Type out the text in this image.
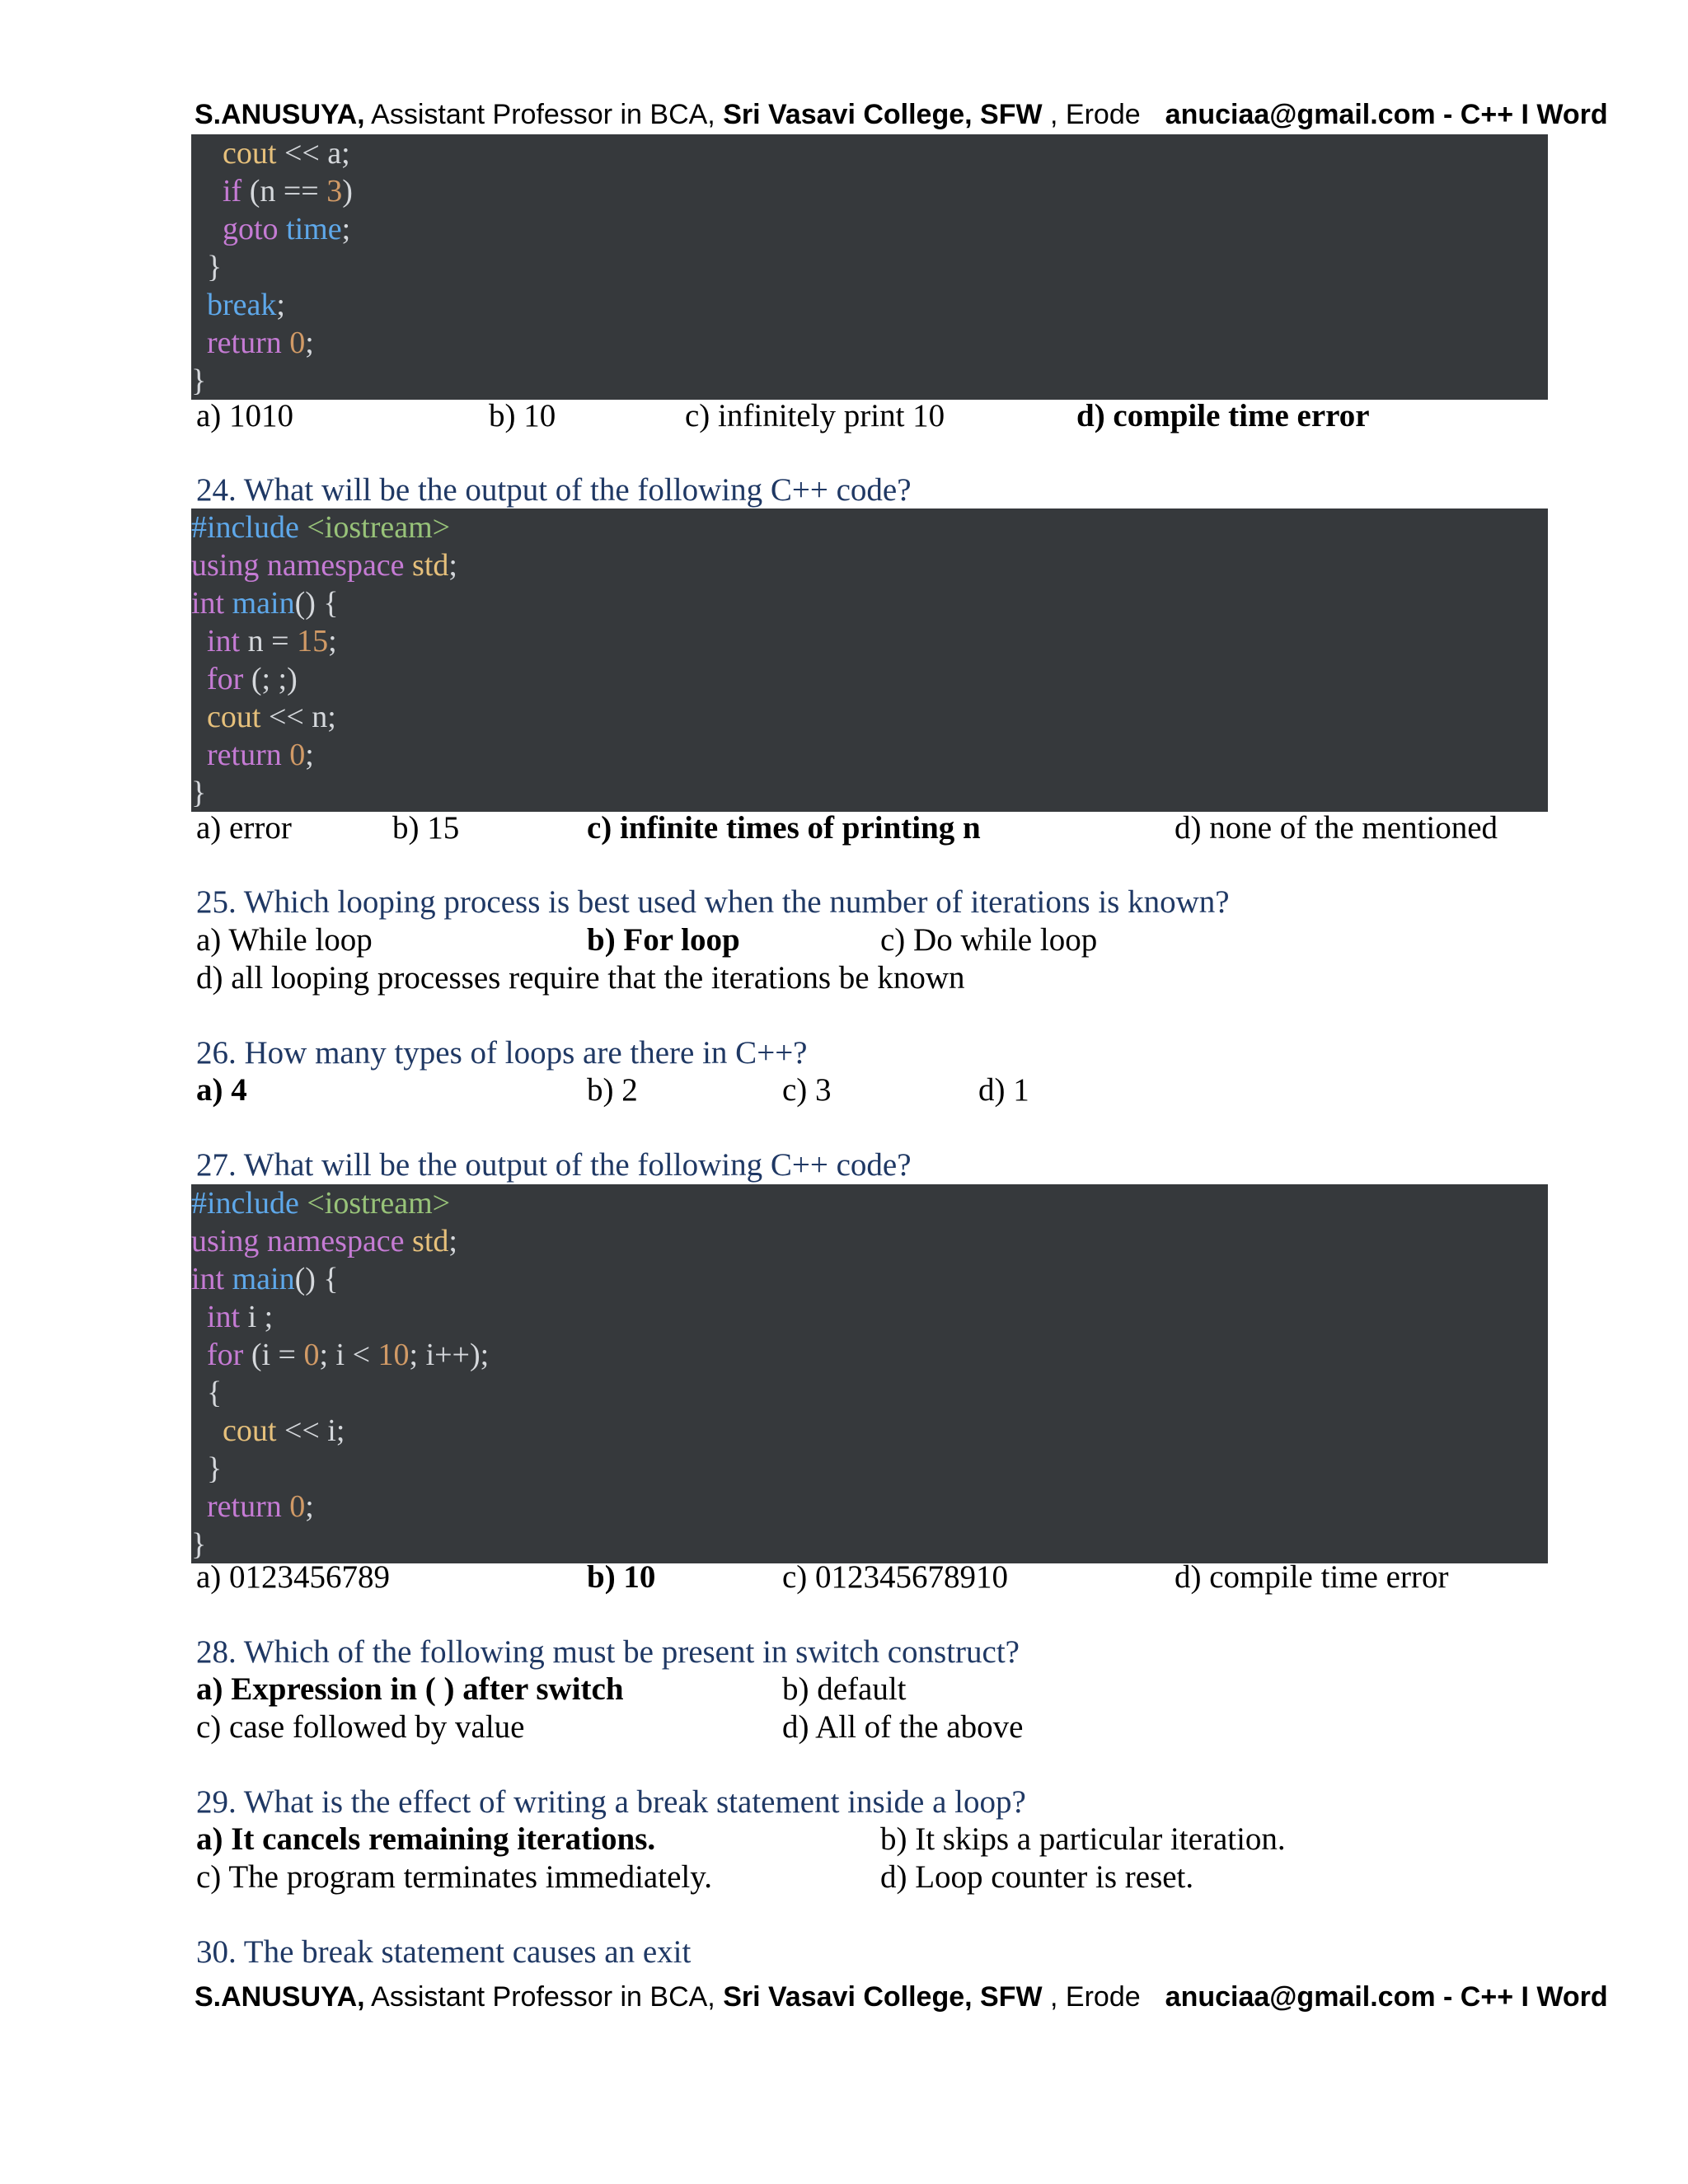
S.ANUSUYA, Assistant Professor in BCA, Sri Vasavi College, SFW , Erode anuciaa@gmail.com - C++ I Word
cout << a;
if (n == 3)
goto time;
}
break;
return 0;
}
a) 1010	b) 10	c) infinitely print 10	d) compile time error
24. What will be the output of the following C++ code?
#include <iostream>
using namespace std;
int main() {
int n = 15;
for (; ;)
cout << n;
return 0;
}
a) error	b) 15	c) infinite times of printing n	d) none of the mentioned
25. Which looping process is best used when the number of iterations is known?
a) While loop	b) For loop	c) Do while loop
d) all looping processes require that the iterations be known
26. How many types of loops are there in C++?
a) 4	b) 2	c) 3	d) 1
27. What will be the output of the following C++ code?
#include <iostream>
using namespace std;
int main() {
int i ;
for (i = 0; i < 10; i++);
{
cout << i;
}
return 0;
}
a) 0123456789	b) 10	c) 012345678910	d) compile time error
28. Which of the following must be present in switch construct?
a) Expression in ( ) after switch	b) default
c) case followed by value	d) All of the above
29. What is the effect of writing a break statement inside a loop?
a) It cancels remaining iterations.	b) It skips a particular iteration.
c) The program terminates immediately.	d) Loop counter is reset.
30. The break statement causes an exit
S.ANUSUYA, Assistant Professor in BCA, Sri Vasavi College, SFW , Erode anuciaa@gmail.com - C++ I Word
